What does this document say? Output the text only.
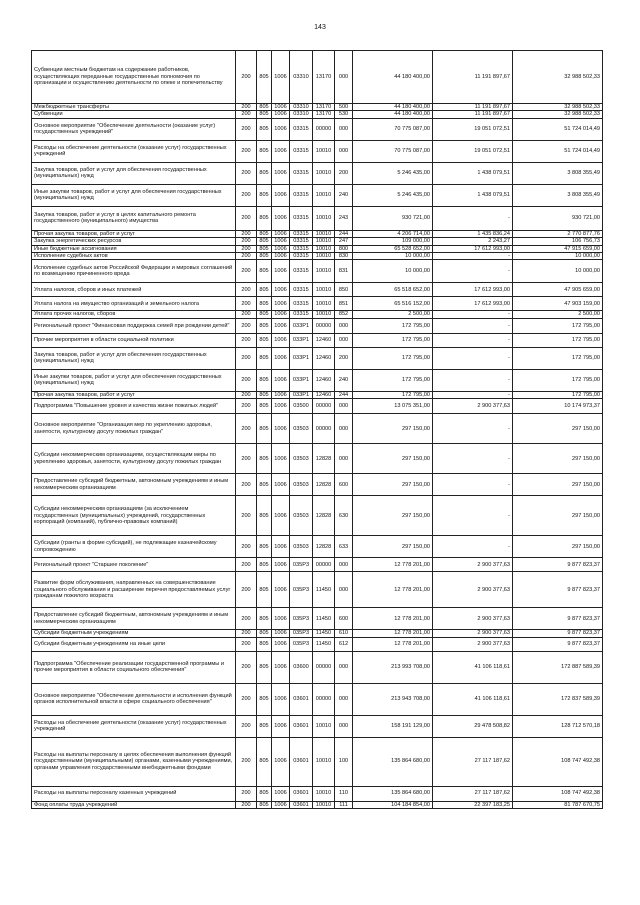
143
Субвенции местным бюджетам на содержание работников, осуществляющих переданные государственные полномочия по организации и осуществлению деятельности по опеке и попечительству	200	805	1006	03310	13170	000	44 180 400,00	11 191 897,67	32 988 502,33
Межбюджетные трансферты	200	805	1006	03310	13170	500	44 180 400,00	11 191 897,67	32 988 502,33
Субвенции	200	805	1006	03310	13170	530	44 180 400,00	11 191 897,67	32 988 502,33
Основное мероприятие "Обеспечение деятельности (оказание услуг) государственных учреждений"	200	805	1006	03315	00000	000	70 775 087,00	19 051 072,51	51 724 014,49
Расходы на обеспечение деятельности (оказание услуг) государственных учреждений	200	805	1006	03315	10010	000	70 775 087,00	19 051 072,51	51 724 014,49
Закупка товаров, работ и услуг для обеспечения государственных (муниципальных) нужд	200	805	1006	03315	10010	200	5 246 435,00	1 438 079,51	3 808 355,49
Иные закупки товаров, работ и услуг для обеспечения государственных (муниципальных) нужд	200	805	1006	03315	10010	240	5 246 435,00	1 438 079,51	3 808 355,49
Закупка товаров, работ и услуг в целях капитального ремонта государственного (муниципального) имущества	200	805	1006	03315	10010	243	930 721,00	-	930 721,00
Прочая закупка товаров, работ и услуг	200	805	1006	03315	10010	244	4 206 714,00	1 435 836,24	2 770 877,76
Закупка энергетических ресурсов	200	805	1006	03315	10010	247	109 000,00	2 243,27	106 756,73
Иные бюджетные ассигнования	200	805	1006	03315	10010	800	65 528 652,00	17 612 993,00	47 915 659,00
Исполнение судебных актов	200	805	1006	03315	10010	830	10 000,00	-	10 000,00
Исполнение судебных актов Российской Федерации и мировых соглашений по возмещению причиненного вреда	200	805	1006	03315	10010	831	10 000,00	-	10 000,00
Уплата налогов, сборов и иных платежей	200	805	1006	03315	10010	850	65 518 652,00	17 612 993,00	47 905 659,00
Уплата налога на имущество организаций и земельного налога	200	805	1006	03315	10010	851	65 516 152,00	17 612 993,00	47 903 159,00
Уплата прочих налогов, сборов	200	805	1006	03315	10010	852	2 500,00	-	2 500,00
Региональный проект "Финансовая поддержка семей при рождении детей"	200	805	1006	033P1	00000	000	172 795,00	-	172 795,00
Прочие мероприятия в области социальной политики	200	805	1006	033P1	12460	000	172 795,00	-	172 795,00
Закупка товаров, работ и услуг для обеспечения государственных (муниципальных) нужд	200	805	1006	033P1	12460	200	172 795,00	-	172 795,00
Иные закупки товаров, работ и услуг для обеспечения государственных (муниципальных) нужд	200	805	1006	033P1	12460	240	172 795,00	-	172 795,00
Прочая закупка товаров, работ и услуг	200	805	1006	033P1	12460	244	172 795,00	-	172 795,00
Подпрограмма "Повышение уровня и качества жизни пожилых людей"	200	805	1006	03500	00000	000	13 075 351,00	2 900 377,63	10 174 973,37
Основное мероприятие "Организация мер по укреплению здоровья, занятости, культурному досугу пожилых граждан"	200	805	1006	03503	00000	000	297 150,00	-	297 150,00
Субсидии некоммерческим организациям, осуществляющим меры по укреплению здоровья, занятости, культурному досугу пожилых граждан	200	805	1006	03503	12828	000	297 150,00	-	297 150,00
Предоставление субсидий бюджетным, автономным учреждениям и иным некоммерческим организациям	200	805	1006	03503	12828	600	297 150,00	-	297 150,00
Субсидии некоммерческим организациям (за исключением государственных (муниципальных) учреждений, государственных корпораций (компаний), публично-правовых компаний)	200	805	1006	03503	12828	630	297 150,00	-	297 150,00
Субсидии (гранты в форме субсидий), не подлежащие казначейскому сопровождению	200	805	1006	03503	12828	633	297 150,00	-	297 150,00
Региональный проект "Старшее поколение"	200	805	1006	035P3	00000	000	12 778 201,00	2 900 377,63	9 877 823,37
Развитие форм обслуживания, направленных на совершенствование социального обслуживания и расширение перечня предоставляемых услуг гражданам пожилого возраста	200	805	1006	035P3	11450	000	12 778 201,00	2 900 377,63	9 877 823,37
Предоставление субсидий бюджетным, автономным учреждениям и иным некоммерческим организациям	200	805	1006	035P3	11450	600	12 778 201,00	2 900 377,63	9 877 823,37
Субсидии бюджетным учреждениям	200	805	1006	035P3	11450	610	12 778 201,00	2 900 377,63	9 877 823,37
Субсидии бюджетным учреждениям на иные цели	200	805	1006	035P3	11450	612	12 778 201,00	2 900 377,63	9 877 823,37
Подпрограмма "Обеспечение реализации государственной программы и прочие мероприятия в области социального обеспечения"	200	805	1006	03600	00000	000	213 993 708,00	41 106 118,61	172 887 589,39
Основное мероприятие "Обеспечение деятельности и исполнения функций органов исполнительной власти в сфере социального обеспечения"	200	805	1006	03601	00000	000	213 943 708,00	41 106 118,61	172 837 589,39
Расходы на обеспечение деятельности (оказание услуг) государственных учреждений	200	805	1006	03601	10010	000	158 191 129,00	29 478 508,82	128 712 570,18
Расходы на выплаты персоналу в целях обеспечения выполнения функций государственными (муниципальными) органами, казенными учреждениями, органами управления государственными внебюджетными фондами	200	805	1006	03601	10010	100	135 864 680,00	27 117 187,62	108 747 492,38
Расходы на выплаты персоналу казенных учреждений	200	805	1006	03601	10010	110	135 864 680,00	27 117 187,62	108 747 492,38
Фонд оплаты труда учреждений	200	805	1006	03601	10010	111	104 184 854,00	22 397 183,25	81 787 670,75
